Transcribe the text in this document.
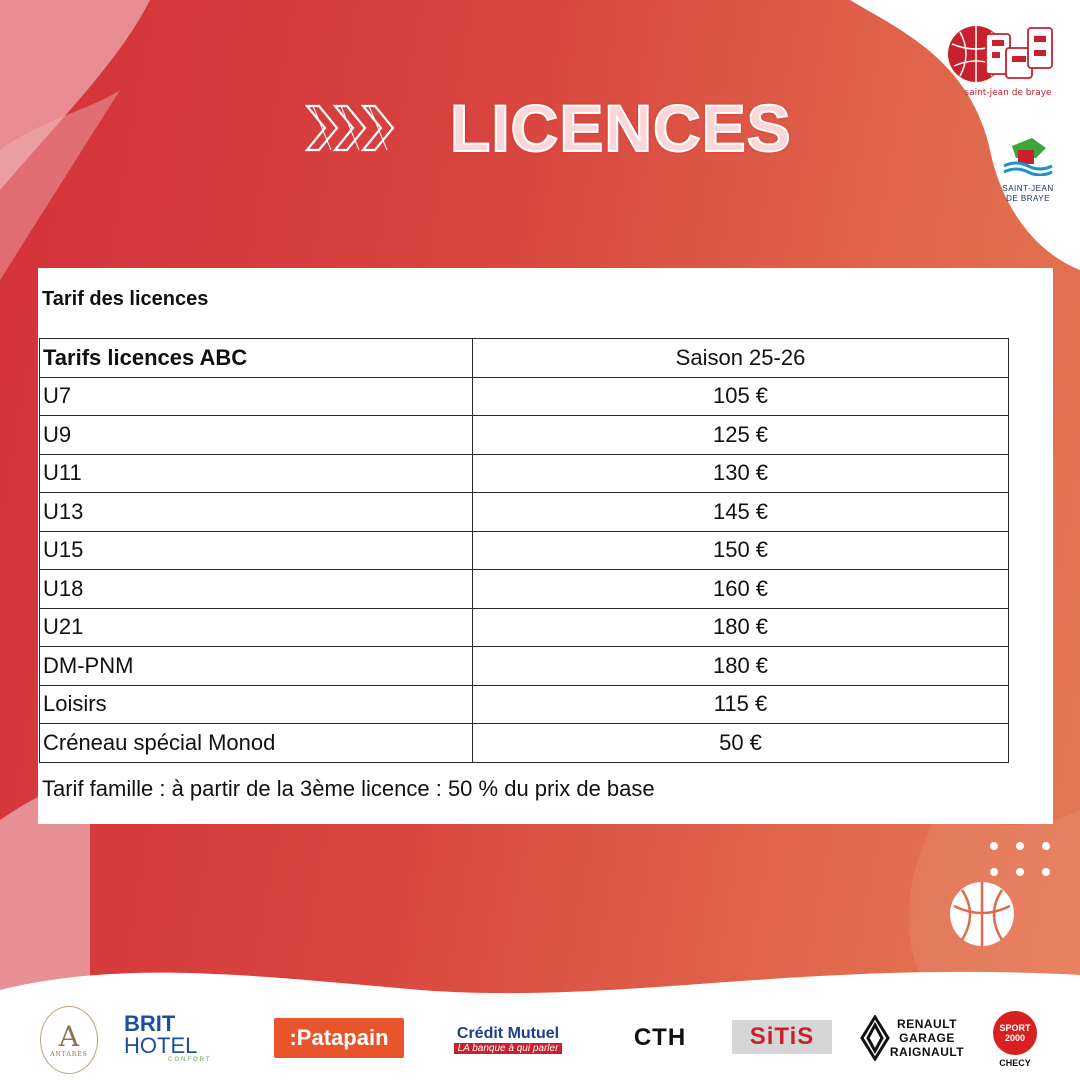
LICENCES	saint-jean de braye
SAINT-JEAN
DE BRAYE
Tarif des licences
Tarifs licences ABC	Saison 25-26
U7	105 €
U9	125 €
U11	130 €
U13	145 €
U15	150 €
U18	160 €
U21	180 €
DM-PNM	180 €
Loisirs	115 €
Créneau spécial Monod	50 €
Tarif famille : à partir de la 3ème licence : 50 % du prix de base
A
ANTARES
BRIT HOTEL
CONFORT
:Patapain	Crédit Mutuel
LA banque à qui parler	CTH	SiTiS	RENAULT
GARAGE
RAIGNAULT
SPORT
2000
CHECY
